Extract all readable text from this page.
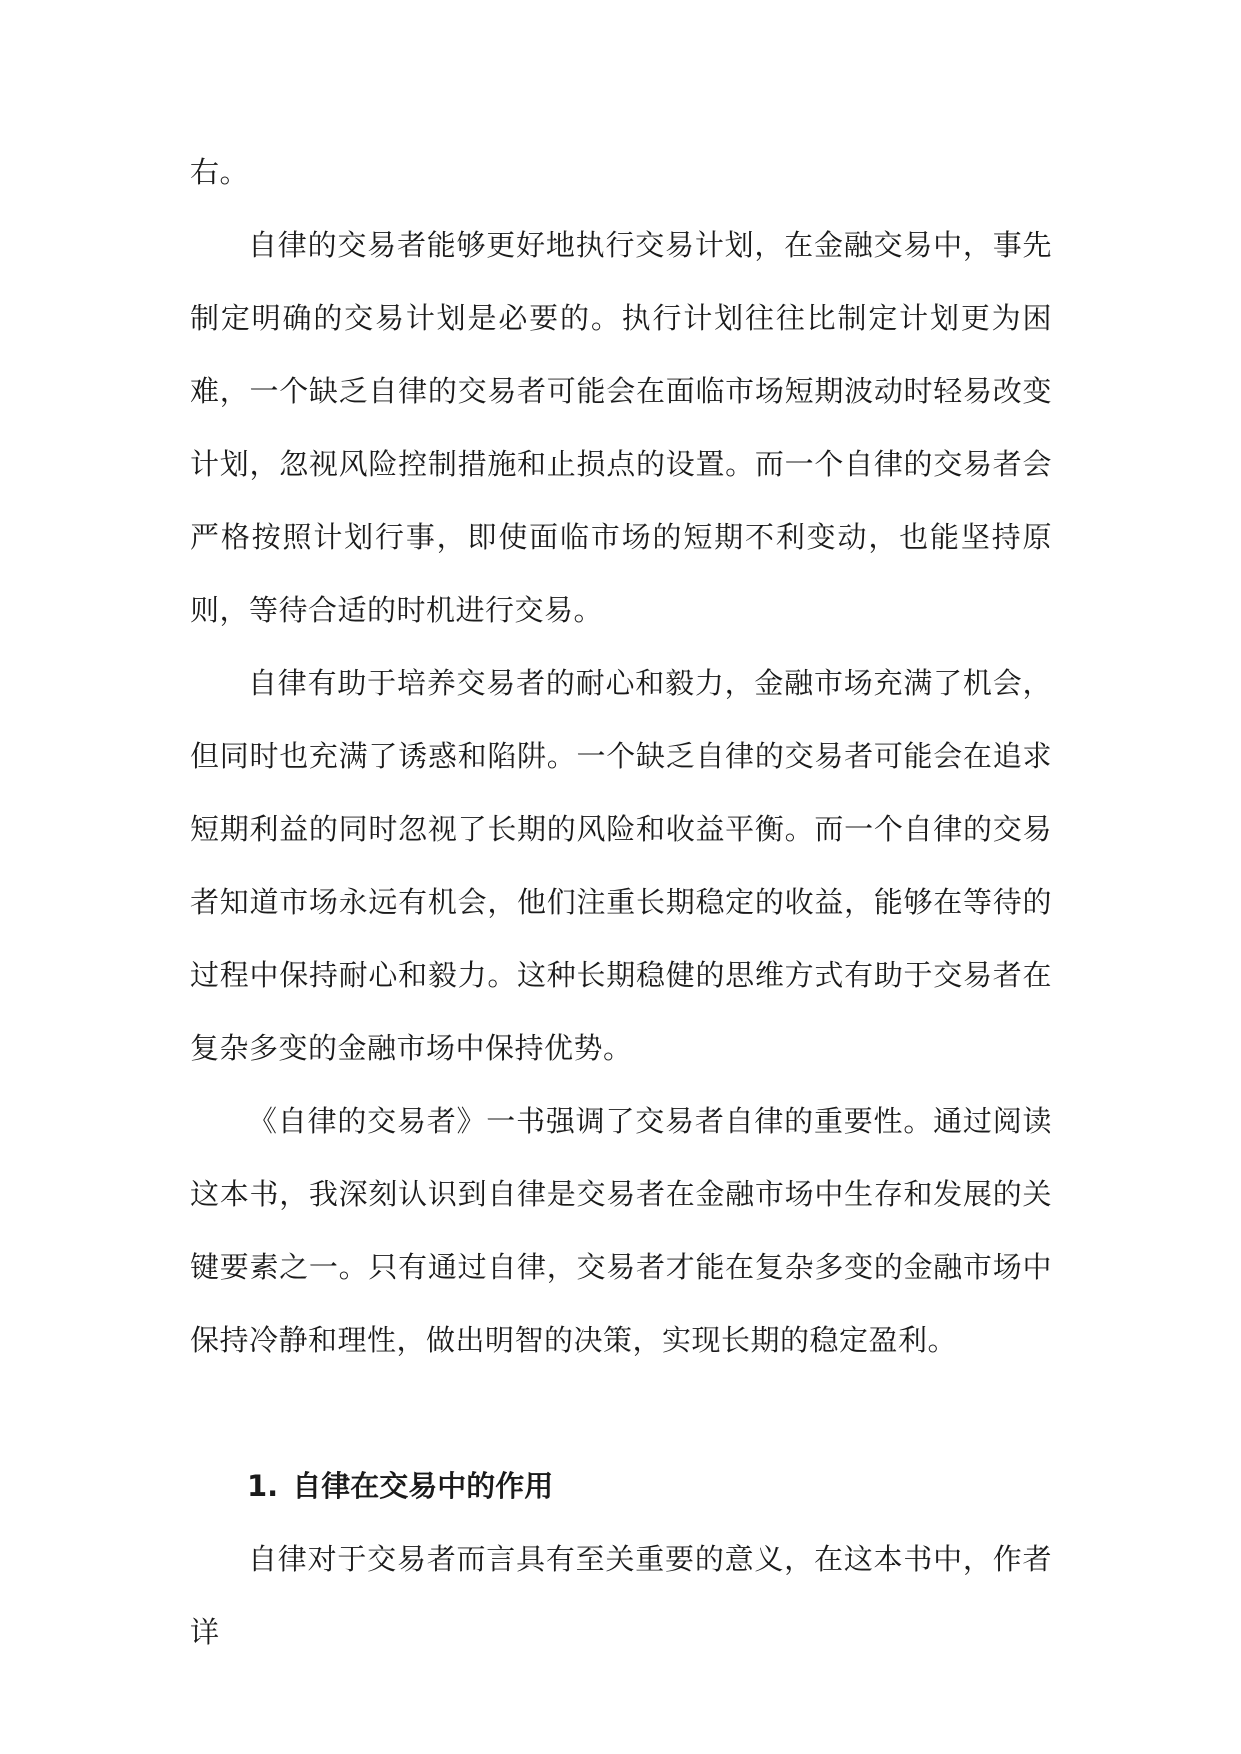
右。
自律的交易者能够更好地执行交易计划，在金融交易中，事先制定明确的交易计划是必要的。执行计划往往比制定计划更为困难，一个缺乏自律的交易者可能会在面临市场短期波动时轻易改变计划，忽视风险控制措施和止损点的设置。而一个自律的交易者会严格按照计划行事，即使面临市场的短期不利变动，也能坚持原则，等待合适的时机进行交易。
自律有助于培养交易者的耐心和毅力，金融市场充满了机会，但同时也充满了诱惑和陷阱。一个缺乏自律的交易者可能会在追求短期利益的同时忽视了长期的风险和收益平衡。而一个自律的交易者知道市场永远有机会，他们注重长期稳定的收益，能够在等待的过程中保持耐心和毅力。这种长期稳健的思维方式有助于交易者在复杂多变的金融市场中保持优势。
《自律的交易者》一书强调了交易者自律的重要性。通过阅读这本书，我深刻认识到自律是交易者在金融市场中生存和发展的关键要素之一。只有通过自律，交易者才能在复杂多变的金融市场中保持冷静和理性，做出明智的决策，实现长期的稳定盈利。
1. 自律在交易中的作用
自律对于交易者而言具有至关重要的意义，在这本书中，作者详
